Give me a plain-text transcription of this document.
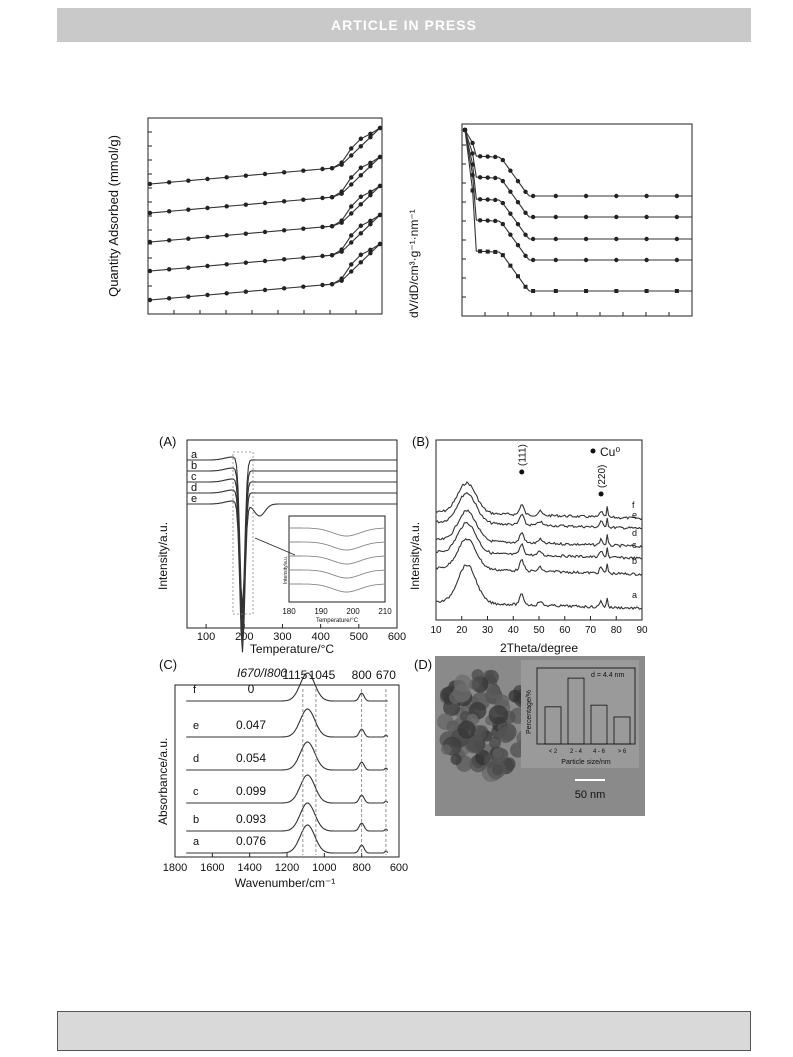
ARTICLE IN PRESS
Quantity Adsorbed (mmol/g)	dV/dD/cm³·g⁻¹·nm⁻¹
(A)
Intensity/a.u.
Temperature/°C
100 200 300 400 500 600
a
b
c
d
e
Intensity/a.u.
Temperature/°C
180 190 200 210
(B)
Intensity/a.u.
2Theta/degree
Cu⁰
10 20 30 40 50 60 70 80 90
f
e
d
c
b
a
(111)
(220)
(C)
Absorbance/a.u.
Wavenumber/cm⁻¹
I670/I800
1800 1600 1400 1200 1000 800 600
f	0
e	0.047
d	0.054
c	0.099
b	0.093
a	0.076
1115 1045 800 670
(D)
Percentage/%
d = 4.4 nm
Particle size/nm
< 2 2 - 4 4 - 6 > 6
50 nm
